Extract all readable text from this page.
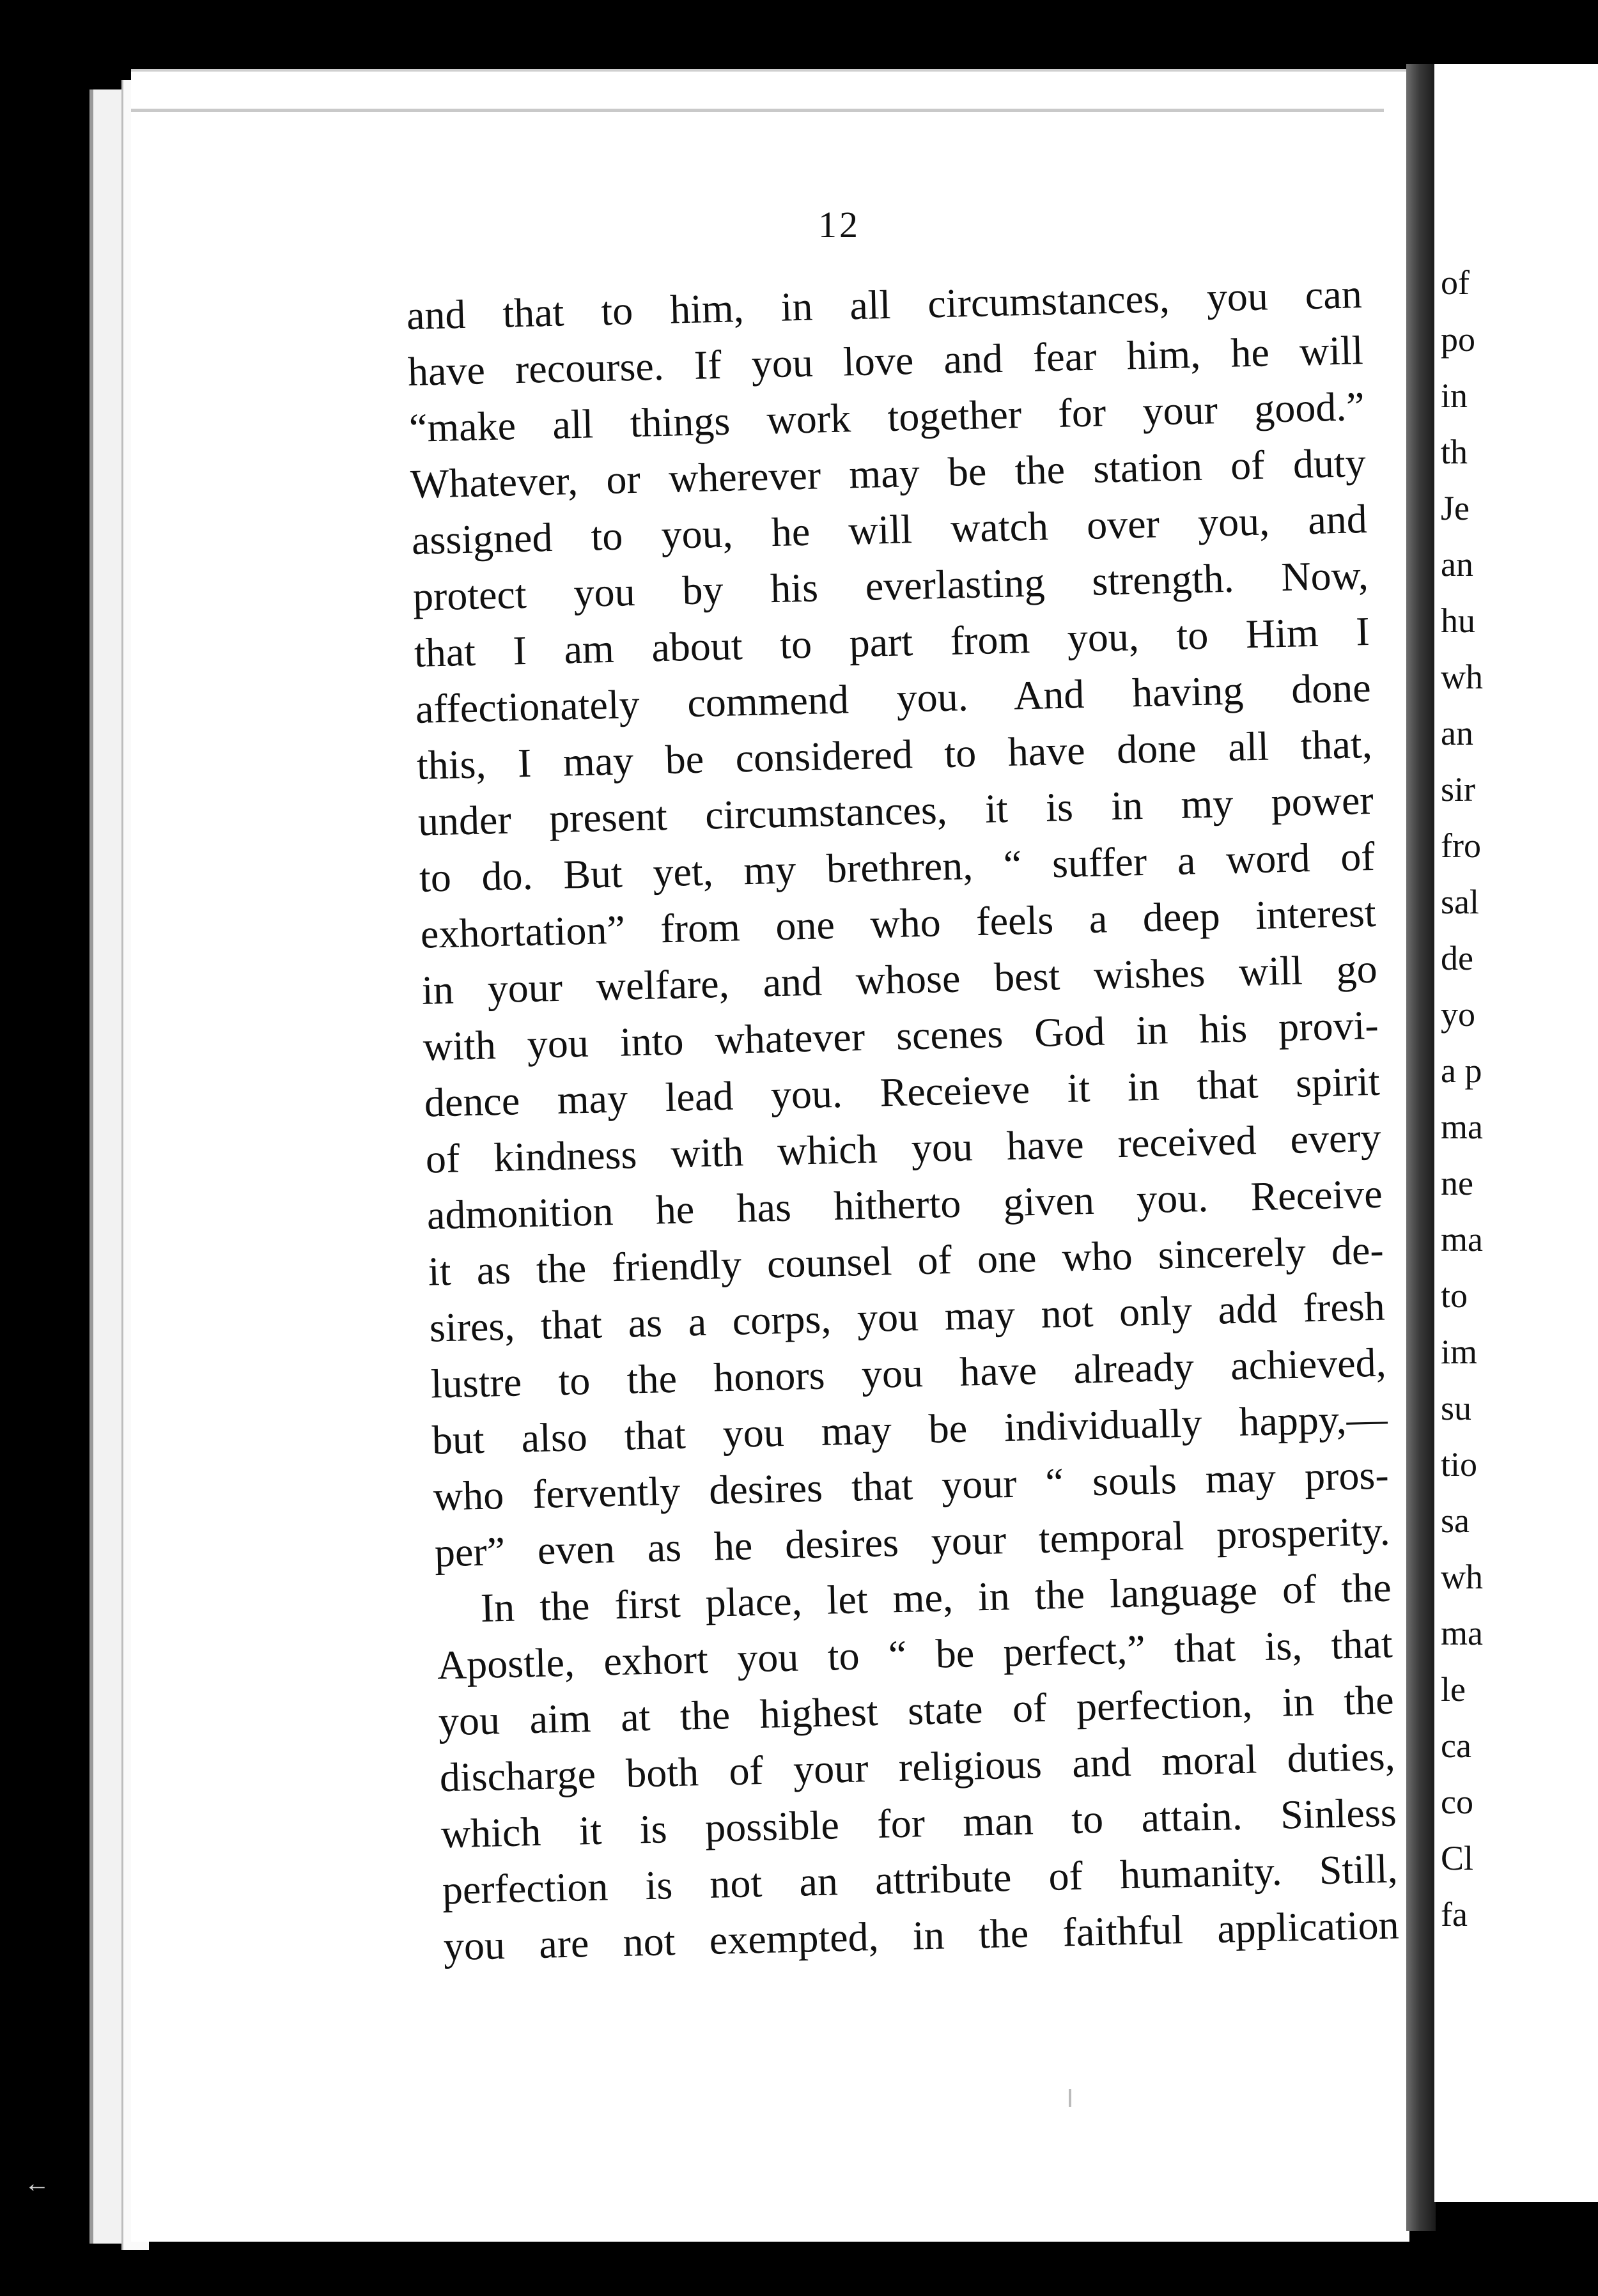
12
and that to him, in all circumstances, you can
have recourse. If you love and fear him, he will
“make all things work together for your good.”
Whatever, or wherever may be the station of duty
assigned to you, he will watch over you, and
protect you by his everlasting strength. Now,
that I am about to part from you, to Him I
affectionately commend you. And having done
this, I may be considered to have done all that,
under present circumstances, it is in my power
to do. But yet, my brethren, “ suffer a word of
exhortation” from one who feels a deep interest
in your welfare, and whose best wishes will go
with you into whatever scenes God in his provi-
dence may lead you. Receieve it in that spirit
of kindness with which you have received every
admonition he has hitherto given you. Receive
it as the friendly counsel of one who sincerely de-
sires, that as a corps, you may not only add fresh
lustre to the honors you have already achieved,
but also that you may be individually happy,—
who fervently desires that your “ souls may pros-
per” even as he desires your temporal prosperity.
In the first place, let me, in the language of the
Apostle, exhort you to “ be perfect,” that is, that
you aim at the highest state of perfection, in the
discharge both of your religious and moral duties,
which it is possible for man to attain. Sinless
perfection is not an attribute of humanity. Still,
you are not exempted, in the faithful application
of
po
in
th
Je
an
hu
wh
an
sir
fro
sal
de
yo
a p
ma
ne
ma
to
im
su
tio
sa
wh
ma
le
ca
co
Cl
fa
←
